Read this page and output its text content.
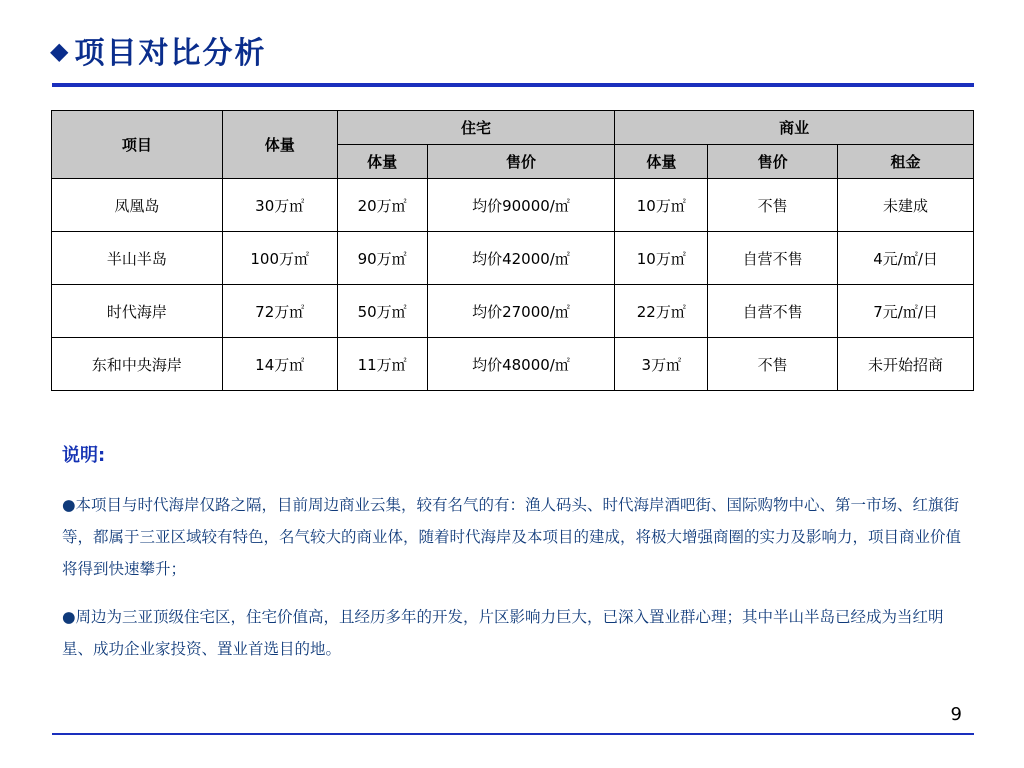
◆ 项目对比分析
项目	体量	住宅		商业		
		体量	售价	体量	售价	租金
凤凰岛	30万㎡	20万㎡	均价90000/㎡	10万㎡	不售	未建成
半山半岛	100万㎡	90万㎡	均价42000/㎡	10万㎡	自营不售	4元/㎡/日
时代海岸	72万㎡	50万㎡	均价27000/㎡	22万㎡	自营不售	7元/㎡/日
东和中央海岸	14万㎡	11万㎡	均价48000/㎡	3万㎡	不售	未开始招商
说明:
●本项目与时代海岸仅路之隔，目前周边商业云集，较有名气的有：渔人码头、时代海岸酒吧街、国际购物中心、第一市场、红旗街等，都属于三亚区域较有特色，名气较大的商业体，随着时代海岸及本项目的建成，将极大增强商圈的实力及影响力，项目商业价值将得到快速攀升；
●周边为三亚顶级住宅区，住宅价值高，且经历多年的开发，片区影响力巨大，已深入置业群心理；其中半山半岛已经成为当红明星、成功企业家投资、置业首选目的地。
9
